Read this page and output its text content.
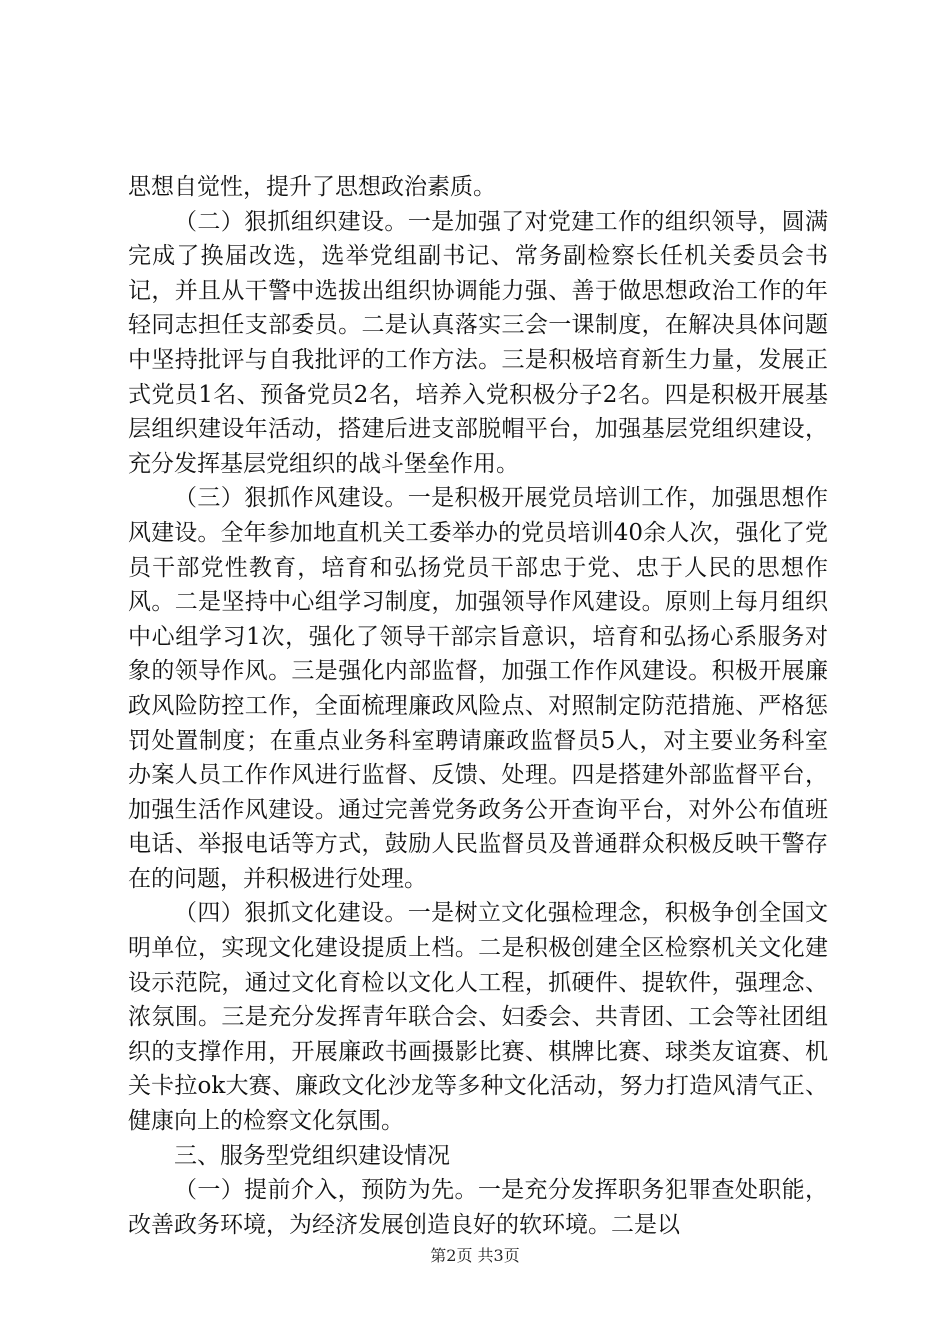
思想自觉性，提升了思想政治素质。

（二）狠抓组织建设。一是加强了对党建工作的组织领导，圆满完成了换届改选，选举党组副书记、常务副检察长任机关委员会书记，并且从干警中选拔出组织协调能力强、善于做思想政治工作的年轻同志担任支部委员。二是认真落实三会一课制度，在解决具体问题中坚持批评与自我批评的工作方法。三是积极培育新生力量，发展正式党员1名、预备党员2名，培养入党积极分子2名。四是积极开展基层组织建设年活动，搭建后进支部脱帽平台，加强基层党组织建设，充分发挥基层党组织的战斗堡垒作用。

（三）狠抓作风建设。一是积极开展党员培训工作，加强思想作风建设。全年参加地直机关工委举办的党员培训40余人次，强化了党员干部党性教育，培育和弘扬党员干部忠于党、忠于人民的思想作风。二是坚持中心组学习制度，加强领导作风建设。原则上每月组织中心组学习1次，强化了领导干部宗旨意识，培育和弘扬心系服务对象的领导作风。三是强化内部监督，加强工作作风建设。积极开展廉政风险防控工作，全面梳理廉政风险点、对照制定防范措施、严格惩罚处置制度；在重点业务科室聘请廉政监督员5人，对主要业务科室办案人员工作作风进行监督、反馈、处理。四是搭建外部监督平台，加强生活作风建设。通过完善党务政务公开查询平台，对外公布值班电话、举报电话等方式，鼓励人民监督员及普通群众积极反映干警存在的问题，并积极进行处理。

（四）狠抓文化建设。一是树立文化强检理念，积极争创全国文明单位，实现文化建设提质上档。二是积极创建全区检察机关文化建设示范院，通过文化育检以文化人工程，抓硬件、提软件，强理念、浓氛围。三是充分发挥青年联合会、妇委会、共青团、工会等社团组织的支撑作用，开展廉政书画摄影比赛、棋牌比赛、球类友谊赛、机关卡拉ok大赛、廉政文化沙龙等多种文化活动，努力打造风清气正、健康向上的检察文化氛围。

三、服务型党组织建设情况

（一）提前介入，预防为先。一是充分发挥职务犯罪查处职能，改善政务环境，为经济发展创造良好的软环境。二是以

第2页 共3页
